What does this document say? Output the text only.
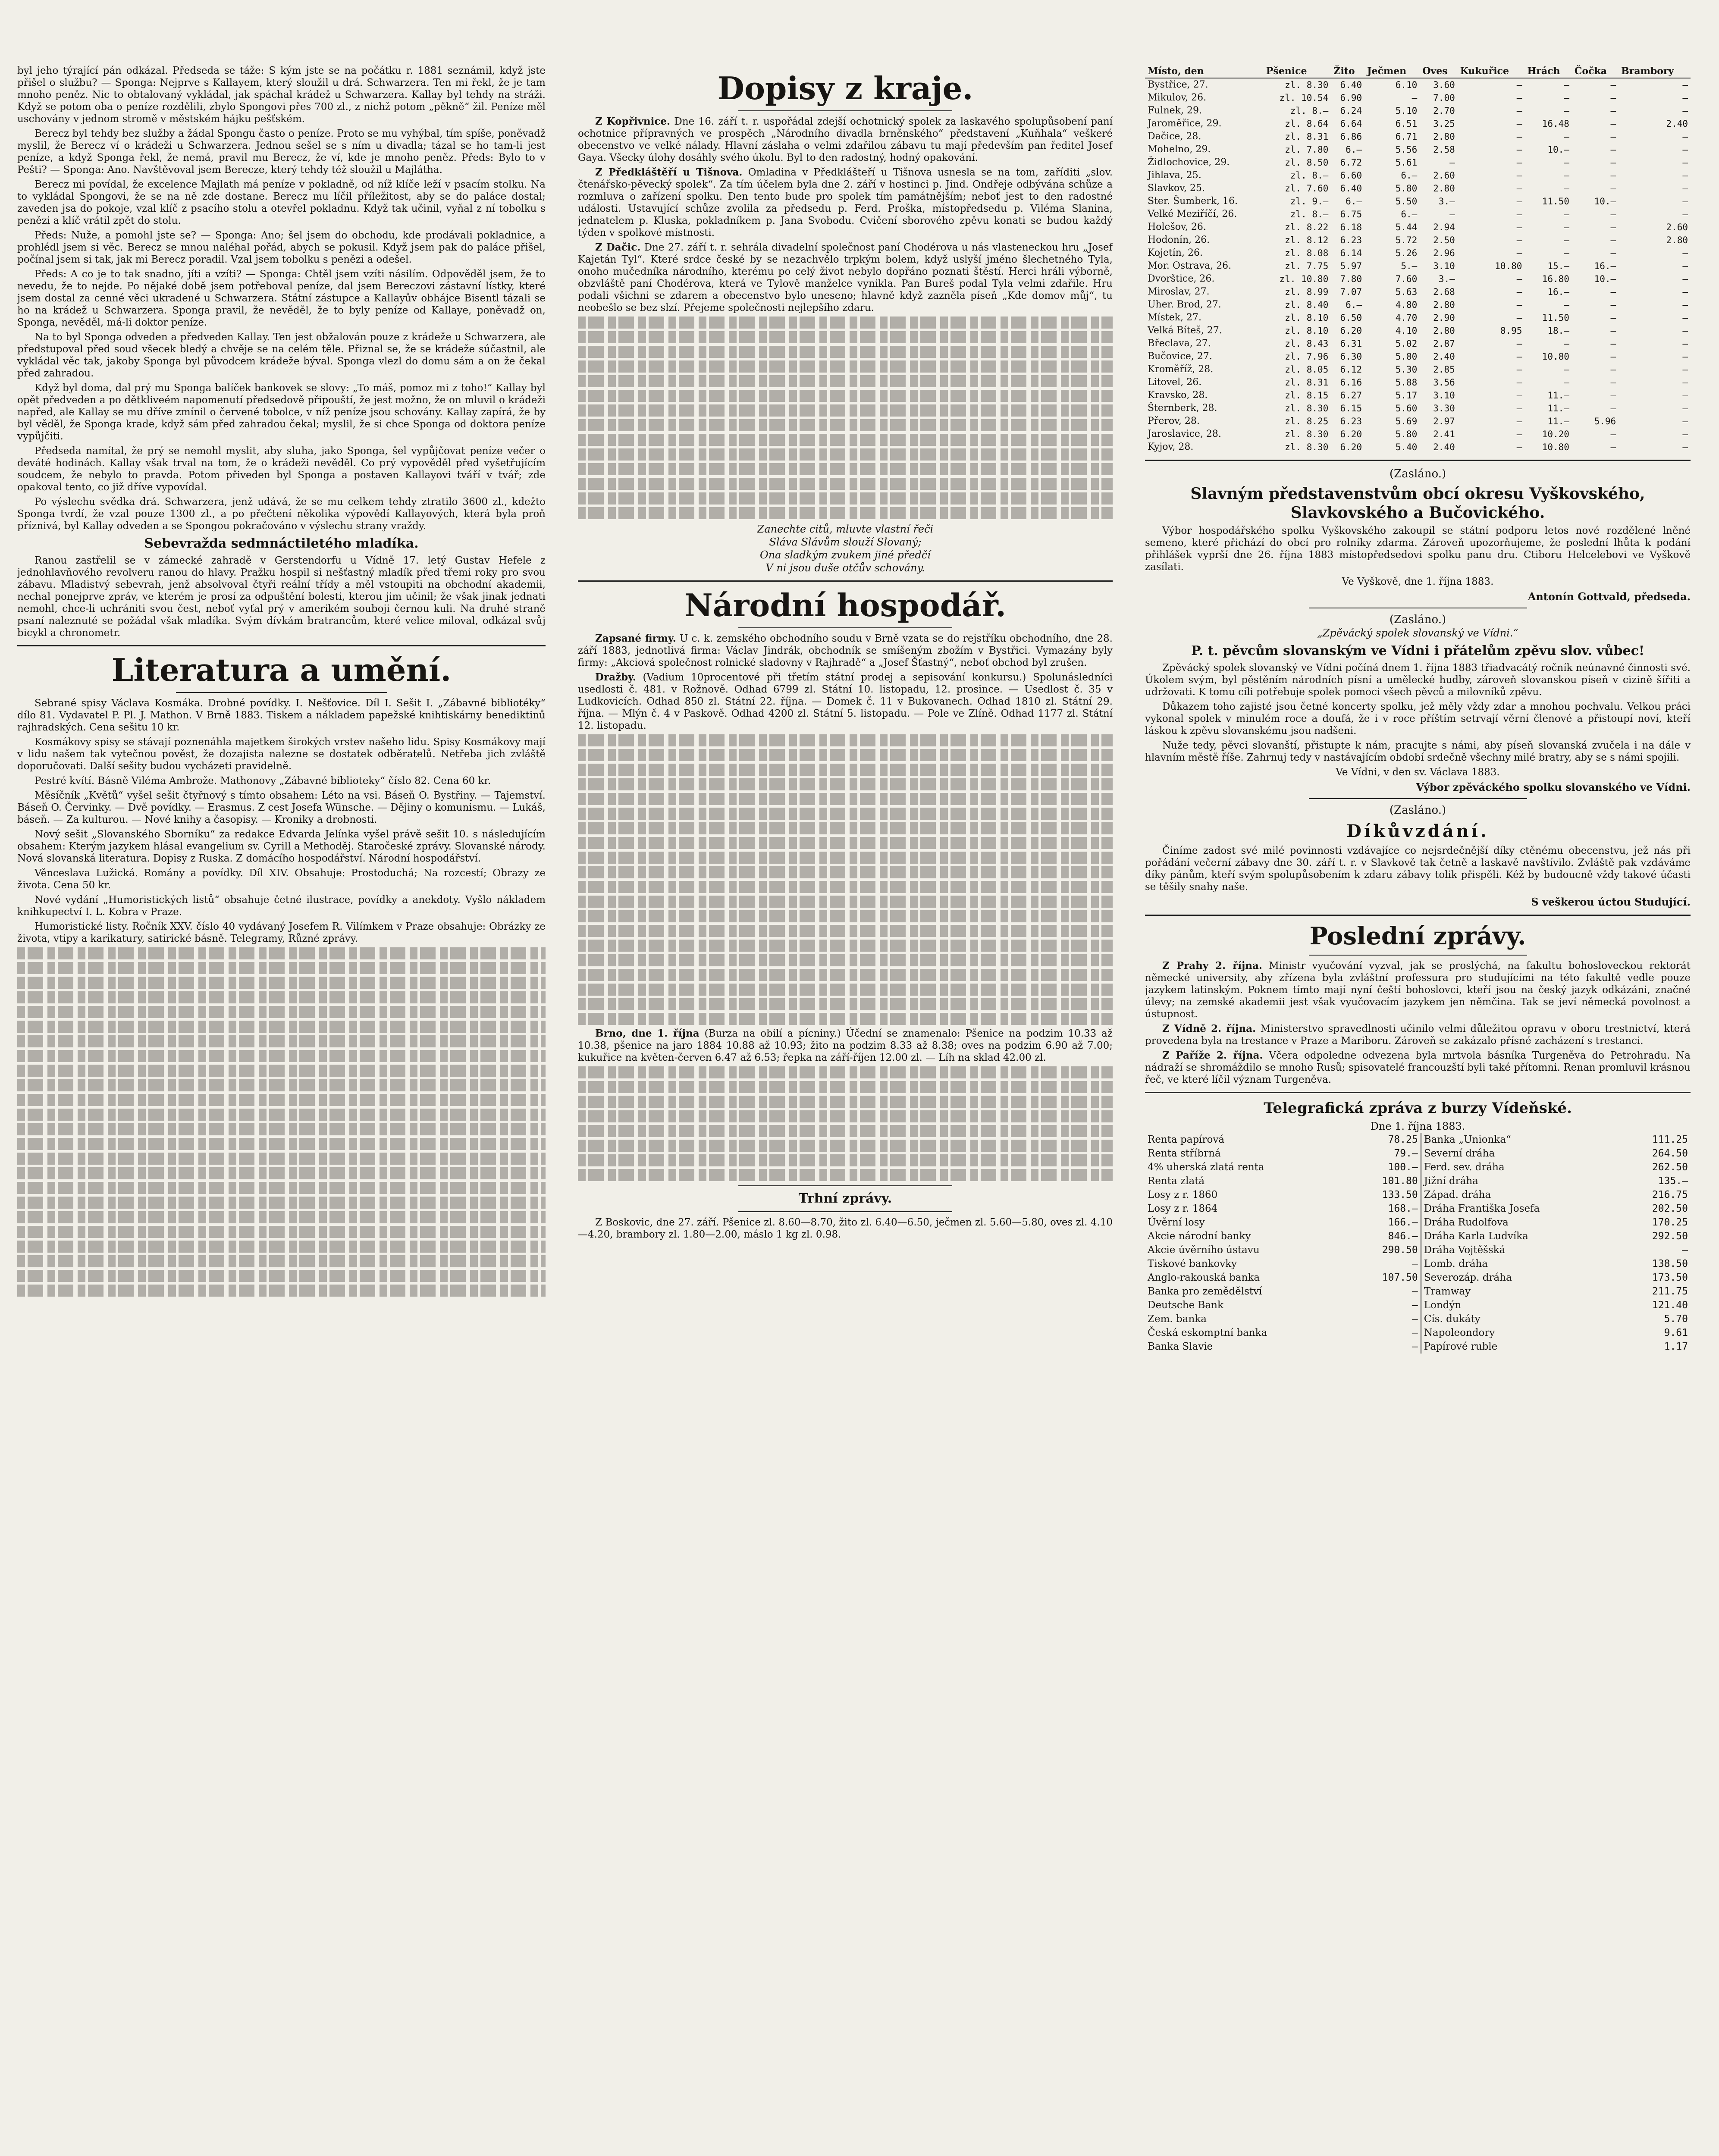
byl jeho týrající pán odkázal. Předseda se táže: S kým jste se na počátku r. 1881 seznámil, když jste přišel o službu? — Sponga: Nejprve s Kallayem, který sloužil u drá. Schwarzera. Ten mi řekl, že je tam mnoho peněz. Nic to obtalovaný vykládal, jak spáchal krádež u Schwarzera. Kallay byl tehdy na stráži. Když se potom oba o peníze rozdělili, zbylo Spongovi přes 700 zl., z nichž potom „pěkně“ žil. Peníze měl uschovány v jednom stromě v městském hájku pešťském.

Berecz byl tehdy bez služby a žádal Spongu často o peníze. Proto se mu vyhýbal, tím spíše, poněvadž myslil, že Berecz ví o krádeži u Schwarzera. Jednou sešel se s ním u divadla; tázal se ho tam-li jest peníze, a když Sponga řekl, že nemá, pravil mu Berecz, že ví, kde je mnoho peněz. Předs: Bylo to v Pešti? — Sponga: Ano. Navštěvoval jsem Berecze, který tehdy též sloužil u Majlátha.

Berecz mi povídal, že excelence Majlath má peníze v pokladně, od níž klíče leží v psacím stolku. Na to vykládal Spongovi, že se na ně zde dostane. Berecz mu líčil příležitost, aby se do paláce dostal; zaveden jsa do pokoje, vzal klíč z psacího stolu a otevřel pokladnu. Když tak učinil, vyňal z ní tobolku s penězi a klíč vrátil zpět do stolu.

Předs: Nuže, a pomohl jste se? — Sponga: Ano; šel jsem do obchodu, kde prodávali pokladnice, a prohlédl jsem si věc. Berecz se mnou naléhal pořád, abych se pokusil. Když jsem pak do paláce přišel, počínal jsem si tak, jak mi Berecz poradil. Vzal jsem tobolku s penězi a odešel.

Předs: A co je to tak snadno, jíti a vzíti? — Sponga: Chtěl jsem vzíti násilím. Odpověděl jsem, že to nevedu, že to nejde. Po nějaké době jsem potřeboval peníze, dal jsem Bereczovi zástavní lístky, které jsem dostal za cenné věci ukradené u Schwarzera. Státní zástupce a Kallayův obhájce Bisentl tázali se ho na krádež u Schwarzera. Sponga pravil, že nevěděl, že to byly peníze od Kallaye, poněvadž on, Sponga, nevěděl, má-li doktor peníze.

Na to byl Sponga odveden a předveden Kallay. Ten jest obžalován pouze z krádeže u Schwarzera, ale předstupoval před soud všecek bledý a chvěje se na celém těle. Přiznal se, že se krádeže súčastnil, ale vykládal věc tak, jakoby Sponga byl původcem krádeže býval. Sponga vlezl do domu sám a on že čekal před zahradou.

Když byl doma, dal prý mu Sponga balíček bankovek se slovy: „To máš, pomoz mi z toho!“ Kallay byl opět předveden a po dětkliveém napomenutí předsedově připouští, že jest možno, že on mluvil o krádeži napřed, ale Kallay se mu dříve zmínil o červené tobolce, v níž peníze jsou schovány. Kallay zapírá, že by byl věděl, že Sponga krade, když sám před zahradou čekal; myslil, že si chce Sponga od doktora peníze vypůjčiti.

Předseda namítal, že prý se nemohl myslit, aby sluha, jako Sponga, šel vypůjčovat peníze večer o deváté hodinách. Kallay však trval na tom, že o krádeži nevěděl. Co prý vypověděl před vyšetřujícím soudcem, že nebylo to pravda. Potom přiveden byl Sponga a postaven Kallayovi tváří v tvář; zde opakoval tento, co již dříve vypovídal.

Po výslechu svědka drá. Schwarzera, jenž udává, že se mu celkem tehdy ztratilo 3600 zl., kdežto Sponga tvrdí, že vzal pouze 1300 zl., a po přečtení několika výpovědí Kallayových, která byla proň příznivá, byl Kallay odveden a se Spongou pokračováno v výslechu strany vraždy.

Sebevražda sedmnáctiletého mladíka.

Ranou zastřelil se v zámecké zahradě v Gerstendorfu u Vídně 17. letý Gustav Hefele z jednohlavňového revolveru ranou do hlavy. Pražku hospil si nešťastný mladík před třemi roky pro svou zábavu. Mladistvý sebevrah, jenž absolvoval čtyři reální třídy a měl vstoupiti na obchodní akademii, nechal ponejprve zpráv, ve kterém je prosí za odpuštění bolesti, kterou jim učinil; že však jinak jednati nemohl, chce-li uchrániti svou čest, neboť vyťal prý v amerikém souboji černou kuli. Na druhé straně psaní naleznuté se požádal však mladíka. Svým dívkám bratrancům, které velice miloval, odkázal svůj bicykl a chronometr.

Literatura a umění.

Sebrané spisy Václava Kosmáka. Drobné povídky. I. Nešťovice. Díl I. Sešit I. „Zábavné bibliotéky“ dílo 81. Vydavatel P. Pl. J. Mathon. V Brně 1883. Tiskem a nákladem papežské knihtiskárny benediktinů rajhradských. Cena sešitu 10 kr.

Kosmákovy spisy se stávají poznenáhla majetkem širokých vrstev našeho lidu. Spisy Kosmákovy mají v lidu našem tak vytečnou pověst, že dozajista nalezne se dostatek odběratelů. Netřeba jich zvláště doporučovati. Další sešity budou vycházeti pravidelně.

Pestré kvítí. Básně Viléma Ambrože. Mathonovy „Zábavné biblioteky“ číslo 82. Cena 60 kr.

Měsíčník „Květů“ vyšel sešit čtyřnový s tímto obsahem: Léto na vsi. Báseň O. Bystřiny. — Tajemství. Báseň O. Červinky. — Dvě povídky. — Erasmus. Z cest Josefa Wünsche. — Dějiny o komunismu. — Lukáš, báseň. — Za kulturou. — Nové knihy a časopisy. — Kroniky a drobnosti.

Nový sešit „Slovanského Sborníku“ za redakce Edvarda Jelínka vyšel právě sešit 10. s následujícím obsahem: Kterým jazykem hlásal evangelium sv. Cyrill a Methoděj. Staročeské zprávy. Slovanské národy. Nová slovanská literatura. Dopisy z Ruska. Z domácího hospodářství. Národní hospodářství.

Věnceslava Lužická. Romány a povídky. Díl XIV. Obsahuje: Prostoduchá; Na rozcestí; Obrazy ze života. Cena 50 kr.

Nové vydání „Humoristických listů“ obsahuje četné ilustrace, povídky a anekdoty. Vyšlo nákladem knihkupectví I. L. Kobra v Praze.

Humoristické listy. Ročník XXV. číslo 40 vydávaný Josefem R. Vilímkem v Praze obsahuje: Obrázky ze života, vtipy a karikatury, satirické básně. Telegramy, Různé zprávy.

Dopisy z kraje.

Z Kopřivnice. Dne 16. září t. r. uspořádal zdejší ochotnický spolek za laskavého spolupůsobení paní ochotnice přípravných ve prospěch „Národního divadla brněnského“ představení „Kuňhala“ veškeré obecenstvo ve velké nálady. Hlavní záslaha o velmi zdařilou zábavu tu mají především pan ředitel Josef Gaya. Všecky úlohy dosáhly svého úkolu. Byl to den radostný, hodný opakování.

Z Předkláštěří u Tišnova. Omladina v Předklášteří u Tišnova usnesla se na tom, zaříditi „slov. čtenářsko-pěvecký spolek“. Za tím účelem byla dne 2. září v hostinci p. Jind. Ondřeje odbývána schůze a rozmluva o zařízení spolku. Den tento bude pro spolek tím památnějším; neboť jest to den radostné události. Ustavující schůze zvolila za předsedu p. Ferd. Proška, místopředsedu p. Viléma Slanina, jednatelem p. Kluska, pokladníkem p. Jana Svobodu. Cvičení sborového zpěvu konati se budou každý týden v spolkové místnosti.

Z Dačic. Dne 27. září t. r. sehrála divadelní společnost paní Chodérova u nás vlasteneckou hru „Josef Kajetán Tyl“. Které srdce české by se nezachvělo trpkým bolem, když uslyší jméno šlechetného Tyla, onoho mučedníka národního, kterému po celý život nebylo dopřáno poznati štěstí. Herci hráli výborně, obzvláště paní Chodérova, která ve Tylově manželce vynikla. Pan Bureš podal Tyla velmi zdařile. Hru podali všichni se zdarem a obecenstvo bylo uneseno; hlavně když zazněla píseň „Kde domov můj“, tu neobešlo se bez slzí. Přejeme společnosti nejlepšího zdaru.

Zanechte citů, mluvte vlastní řeči
Sláva Slávům slouží Slovaný;
Ona sladkým zvukem jiné předčí
V ni jsou duše otčův schovány.
Národní hospodář.

Zapsané firmy. U c. k. zemského obchodního soudu v Brně vzata se do rejstříku obchodního, dne 28. září 1883, jednotlivá firma: Václav Jindrák, obchodník se smíšeným zbožím v Bystřici. Vymazány byly firmy: „Akciová společnost rolnické sladovny v Rajhradě“ a „Josef Šťastný“, neboť obchod byl zrušen.

Dražby. (Vadium 10procentové při třetím státní prodej a sepisování konkursu.) Spolunásledníci usedlosti č. 481. v Rožnově. Odhad 6799 zl. Státní 10. listopadu, 12. prosince. — Usedlost č. 35 v Ludkovicích. Odhad 850 zl. Státní 22. října. — Domek č. 11 v Bukovanech. Odhad 1810 zl. Státní 29. října. — Mlýn č. 4 v Paskově. Odhad 4200 zl. Státní 5. listopadu. — Pole ve Zlíně. Odhad 1177 zl. Státní 12. listopadu.

Brno, dne 1. října (Burza na obilí a pícniny.) Účední se znamenalo: Pšenice na podzim 10.33 až 10.38, pšenice na jaro 1884 10.88 až 10.93; žito na podzim 8.33 až 8.38; oves na podzim 6.90 až 7.00; kukuřice na květen-červen 6.47 až 6.53; řepka na září-říjen 12.00 zl. — Líh na sklad 42.00 zl.

Trhní zprávy.

Z Boskovic, dne 27. září. Pšenice zl. 8.60—8.70, žito zl. 6.40—6.50, ječmen zl. 5.60—5.80, oves zl. 4.10—4.20, brambory zl. 1.80—2.00, máslo 1 kg zl. 0.98.

Místo, den	Pšenice	Žito	Ječmen	Oves	Kukuřice	Hrách	Čočka	Brambory
Bystřice, 27.	zl. 8.30	6.40	6.10	3.60	—	—	—	—
Mikulov, 26.	zl. 10.54	6.90	—	7.00	—	—	—	—
Fulnek, 29.	zl. 8.—	6.24	5.10	2.70	—	—	—	—
Jaroměřice, 29.	zl. 8.64	6.64	6.51	3.25	—	16.48	—	2.40
Dačice, 28.	zl. 8.31	6.86	6.71	2.80	—	—	—	—
Mohelno, 29.	zl. 7.80	6.—	5.56	2.58	—	10.—	—	—
Židlochovice, 29.	zl. 8.50	6.72	5.61	—	—	—	—	—
Jihlava, 25.	zl. 8.—	6.60	6.—	2.60	—	—	—	—
Slavkov, 25.	zl. 7.60	6.40	5.80	2.80	—	—	—	—
Ster. Šumberk, 16.	zl. 9.—	6.—	5.50	3.—	—	11.50	10.—	—
Velké Meziříčí, 26.	zl. 8.—	6.75	6.—	—	—	—	—	—
Holešov, 26.	zl. 8.22	6.18	5.44	2.94	—	—	—	2.60
Hodonín, 26.	zl. 8.12	6.23	5.72	2.50	—	—	—	2.80
Kojetín, 26.	zl. 8.08	6.14	5.26	2.96	—	—	—	—
Mor. Ostrava, 26.	zl. 7.75	5.97	5.—	3.10	10.80	15.—	16.—	—
Dvorštice, 26.	zl. 10.80	7.80	7.60	3.—	—	16.80	10.—	—
Miroslav, 27.	zl. 8.99	7.07	5.63	2.68	—	16.—	—	—
Uher. Brod, 27.	zl. 8.40	6.—	4.80	2.80	—	—	—	—
Místek, 27.	zl. 8.10	6.50	4.70	2.90	—	11.50	—	—
Velká Bíteš, 27.	zl. 8.10	6.20	4.10	2.80	8.95	18.—	—	—
Břeclava, 27.	zl. 8.43	6.31	5.02	2.87	—	—	—	—
Bučovice, 27.	zl. 7.96	6.30	5.80	2.40	—	10.80	—	—
Kroměříž, 28.	zl. 8.05	6.12	5.30	2.85	—	—	—	—
Litovel, 26.	zl. 8.31	6.16	5.88	3.56	—	—	—	—
Kravsko, 28.	zl. 8.15	6.27	5.17	3.10	—	11.—	—	—
Šternberk, 28.	zl. 8.30	6.15	5.60	3.30	—	11.—	—	—
Přerov, 28.	zl. 8.25	6.23	5.69	2.97	—	11.—	5.96	—
Jaroslavice, 28.	zl. 8.30	6.20	5.80	2.41	—	10.20	—	—
Kyjov, 28.	zl. 8.30	6.20	5.40	2.40	—	10.80	—	—
(Zasláno.)
Slavným představenstvům obcí okresu Vyškovského, Slavkovského a Bučovického.

Výbor hospodářského spolku Vyškovského zakoupil se státní podporu letos nové rozdělené lněné semeno, které přichází do obcí pro rolníky zdarma. Zároveň upozorňujeme, že poslední lhůta k podání přihlášek vyprší dne 26. října 1883 místopředsedovi spolku panu dru. Ctiboru Helcelebovi ve Vyškově zasílati.

Ve Vyškově, dne 1. října 1883.

Antonín Gottvald, předseda.
(Zasláno.)
„Zpěvácký spolek slovanský ve Vídni.“
P. t. pěvcům slovanským ve Vídni i přátelům zpěvu slov. vůbec!

Zpěvácký spolek slovanský ve Vídni počíná dnem 1. října 1883 třiadvacátý ročník neúnavné činnosti své. Úkolem svým, byl pěstěním národních písní a umělecké hudby, zároveň slovanskou píseň v cizině šířiti a udržovati. K tomu cíli potřebuje spolek pomoci všech pěvců a milovníků zpěvu.

Důkazem toho zajisté jsou četné koncerty spolku, jež měly vždy zdar a mnohou pochvalu. Velkou práci vykonal spolek v minulém roce a doufá, že i v roce příštím setrvají věrní členové a přistoupí noví, kteří láskou k zpěvu slovanskému jsou nadšeni.

Nuže tedy, pěvci slovanští, přistupte k nám, pracujte s námi, aby píseň slovanská zvučela i na dále v hlavním městě říše. Zahrnuj tedy v nastávajícím období srdečně všechny milé bratry, aby se s námi spojili.

Ve Vídni, v den sv. Václava 1883.

Výbor zpěváckého spolku slovanského ve Vídni.
(Zasláno.)
Díkůvzdání.

Činíme zadost své milé povinnosti vzdávajíce co nejsrdečnější díky ctěnému obecenstvu, jež nás při pořádání večerní zábavy dne 30. září t. r. v Slavkově tak četně a laskavě navštívilo. Zvláště pak vzdáváme díky pánům, kteří svým spolupůsobením k zdaru zábavy tolik přispěli. Kéž by budoucně vždy takové účasti se těšily snahy naše.

S veškerou úctou Studující.
Poslední zprávy.

Z Prahy 2. října. Ministr vyučování vyzval, jak se proslýchá, na fakultu bohosloveckou rektorát německé university, aby zřízena byla zvláštní professura pro studujícími na této fakultě vedle pouze jazykem latinským. Poknem tímto mají nyní čeští bohoslovci, kteří jsou na český jazyk odkázáni, značné úlevy; na zemské akademii jest však vyučovacím jazykem jen němčina. Tak se jeví německá povolnost a ústupnost.

Z Vídně 2. října. Ministerstvo spravedlnosti učinilo velmi důležitou opravu v oboru trestnictví, která provedena byla na trestance v Praze a Mariboru. Zároveň se zakázalo přísné zacházení s trestanci.

Z Paříže 2. října. Včera odpoledne odvezena byla mrtvola básníka Turgeněva do Petrohradu. Na nádraží se shromáždilo se mnoho Rusů; spisovatelé francouzští byli také přítomni. Renan promluvil krásnou řeč, ve které líčil význam Turgeněva.

Telegrafická zpráva z burzy Vídeňské.
Dne 1. října 1883.
Renta papírová	78.25	Banka „Unionka“	111.25
Renta stříbrná	79.—	Severní dráha	264.50
4% uherská zlatá renta	100.—	Ferd. sev. dráha	262.50
Renta zlatá	101.80	Jižní dráha	135.—
Losy z r. 1860	133.50	Západ. dráha	216.75
Losy z r. 1864	168.—	Dráha Františka Josefa	202.50
Úvěrní losy	166.—	Dráha Rudolfova	170.25
Akcie národní banky	846.—	Dráha Karla Ludvíka	292.50
Akcie úvěrního ústavu	290.50	Dráha Vojtěšská	—
Tiskové bankovky	—	Lomb. dráha	138.50
Anglo-rakouská banka	107.50	Severozáp. dráha	173.50
Banka pro zemědělství	—	Tramway	211.75
Deutsche Bank	—	Londýn	121.40
Zem. banka	—	Cís. dukáty	5.70
Česká eskomptní banka	—	Napoleondory	9.61
Banka Slavie	—	Papírové ruble	1.17
